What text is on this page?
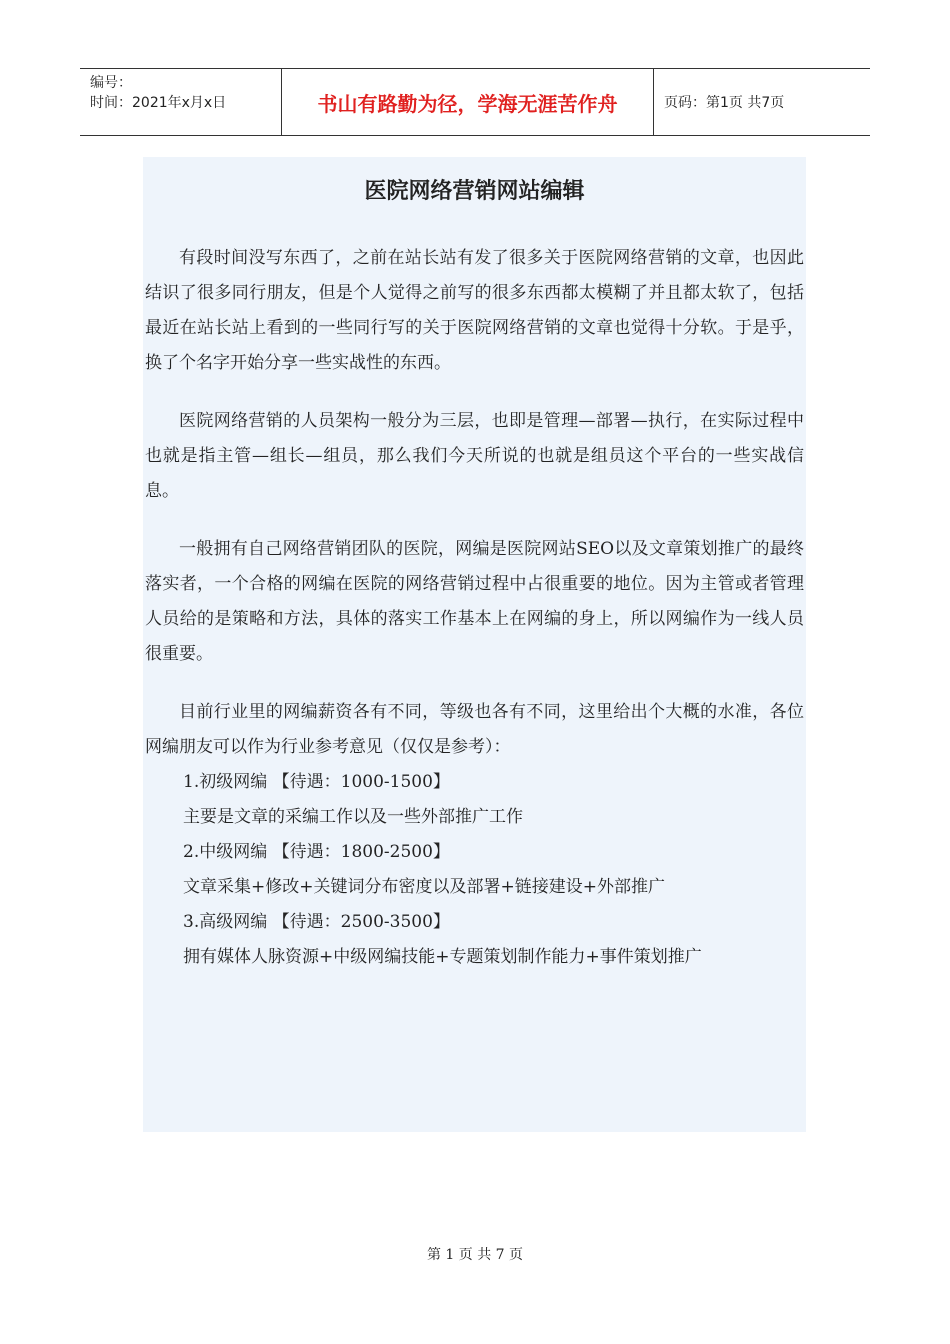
编号：
时间：2021年x月x日	书山有路勤为径，学海无涯苦作舟	页码：第1页 共7页
医院网络营销网站编辑

有段时间没写东西了，之前在站长站有发了很多关于医院网络营销的文章，也因此结识了很多同行朋友，但是个人觉得之前写的很多东西都太模糊了并且都太软了，包括最近在站长站上看到的一些同行写的关于医院网络营销的文章也觉得十分软。于是乎，换了个名字开始分享一些实战性的东西。

医院网络营销的人员架构一般分为三层，也即是管理—部署—执行，在实际过程中也就是指主管—组长—组员，那么我们今天所说的也就是组员这个平台的一些实战信息。

一般拥有自己网络营销团队的医院，网编是医院网站SEO以及文章策划推广的最终落实者，一个合格的网编在医院的网络营销过程中占很重要的地位。因为主管或者管理人员给的是策略和方法，具体的落实工作基本上在网编的身上，所以网编作为一线人员很重要。

目前行业里的网编薪资各有不同，等级也各有不同，这里给出个大概的水准，各位网编朋友可以作为行业参考意见（仅仅是参考）：

1.初级网编 【待遇：1000-1500】

主要是文章的采编工作以及一些外部推广工作

2.中级网编 【待遇：1800-2500】

文章采集+修改+关键词分布密度以及部署+链接建设+外部推广

3.高级网编 【待遇：2500-3500】

拥有媒体人脉资源+中级网编技能+专题策划制作能力+事件策划推广

第 1 页 共 7 页
